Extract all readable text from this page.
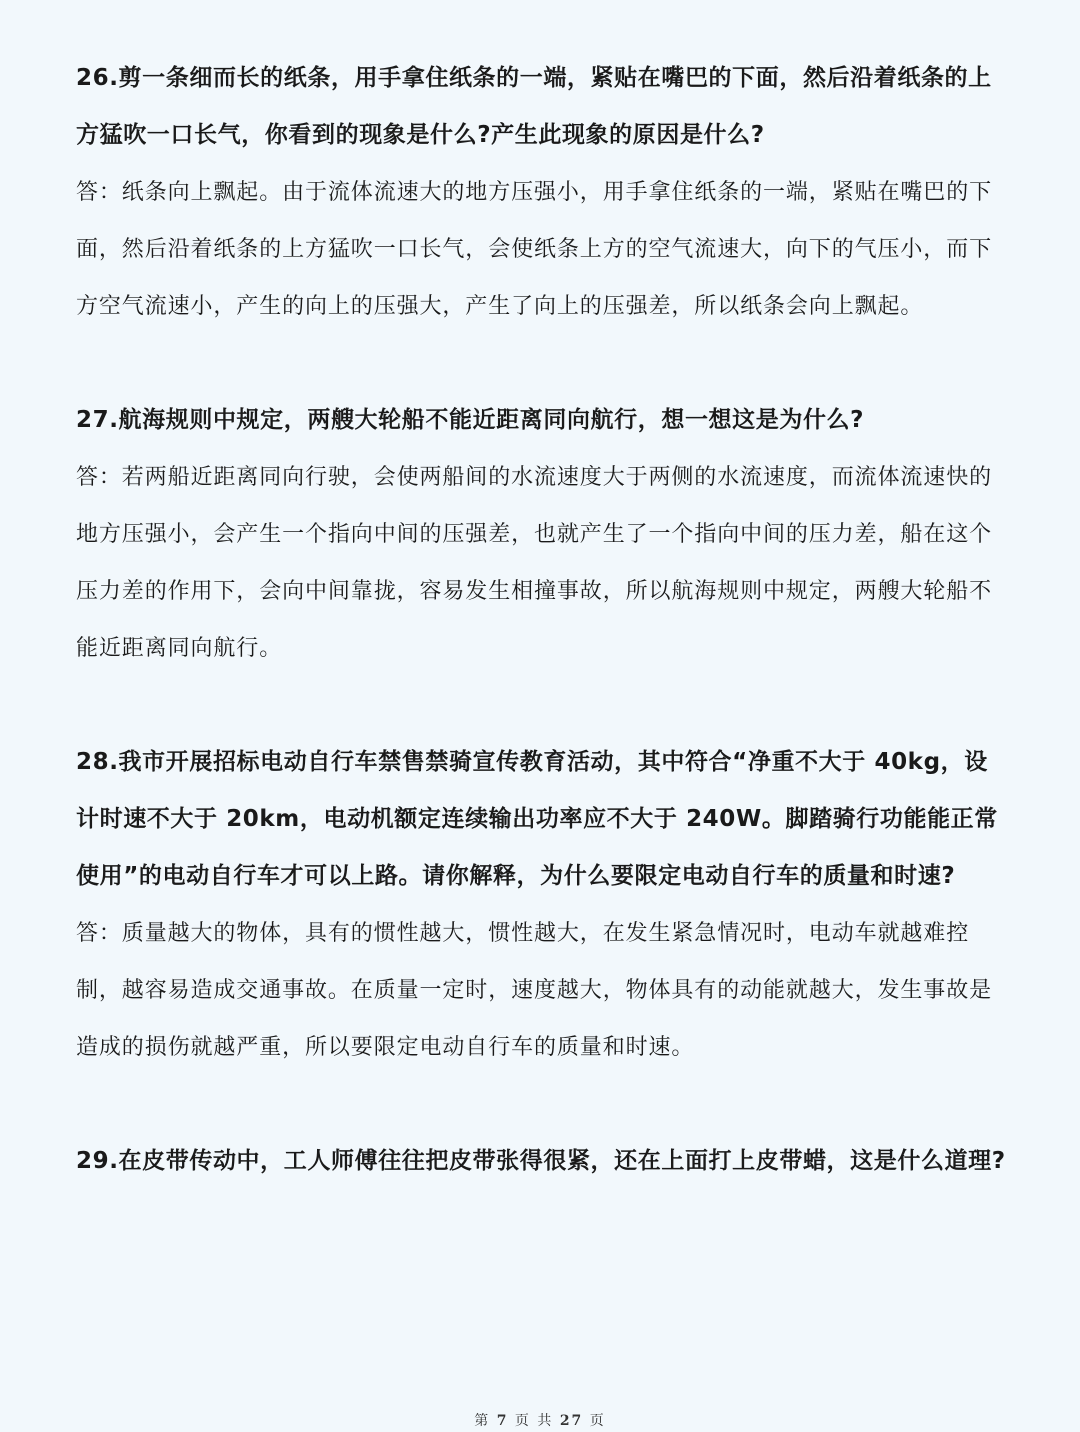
26.剪一条细而长的纸条，用手拿住纸条的一端，紧贴在嘴巴的下面，然后沿着纸条的上方猛吹一口长气，你看到的现象是什么?产生此现象的原因是什么?

答：纸条向上飘起。由于流体流速大的地方压强小，用手拿住纸条的一端，紧贴在嘴巴的下面，然后沿着纸条的上方猛吹一口长气，会使纸条上方的空气流速大，向下的气压小，而下方空气流速小，产生的向上的压强大，产生了向上的压强差，所以纸条会向上飘起。

27.航海规则中规定，两艘大轮船不能近距离同向航行，想一想这是为什么?

答：若两船近距离同向行驶，会使两船间的水流速度大于两侧的水流速度，而流体流速快的地方压强小，会产生一个指向中间的压强差，也就产生了一个指向中间的压力差，船在这个压力差的作用下，会向中间靠拢，容易发生相撞事故，所以航海规则中规定，两艘大轮船不能近距离同向航行。

28.我市开展招标电动自行车禁售禁骑宣传教育活动，其中符合“净重不大于 40kg，设计时速不大于 20km，电动机额定连续输出功率应不大于 240W。脚踏骑行功能能正常使用”的电动自行车才可以上路。请你解释，为什么要限定电动自行车的质量和时速?

答：质量越大的物体，具有的惯性越大，惯性越大，在发生紧急情况时，电动车就越难控制，越容易造成交通事故。在质量一定时，速度越大，物体具有的动能就越大，发生事故是造成的损伤就越严重，所以要限定电动自行车的质量和时速。

29.在皮带传动中，工人师傅往往把皮带张得很紧，还在上面打上皮带蜡，这是什么道理?

第 7 页 共 27 页
